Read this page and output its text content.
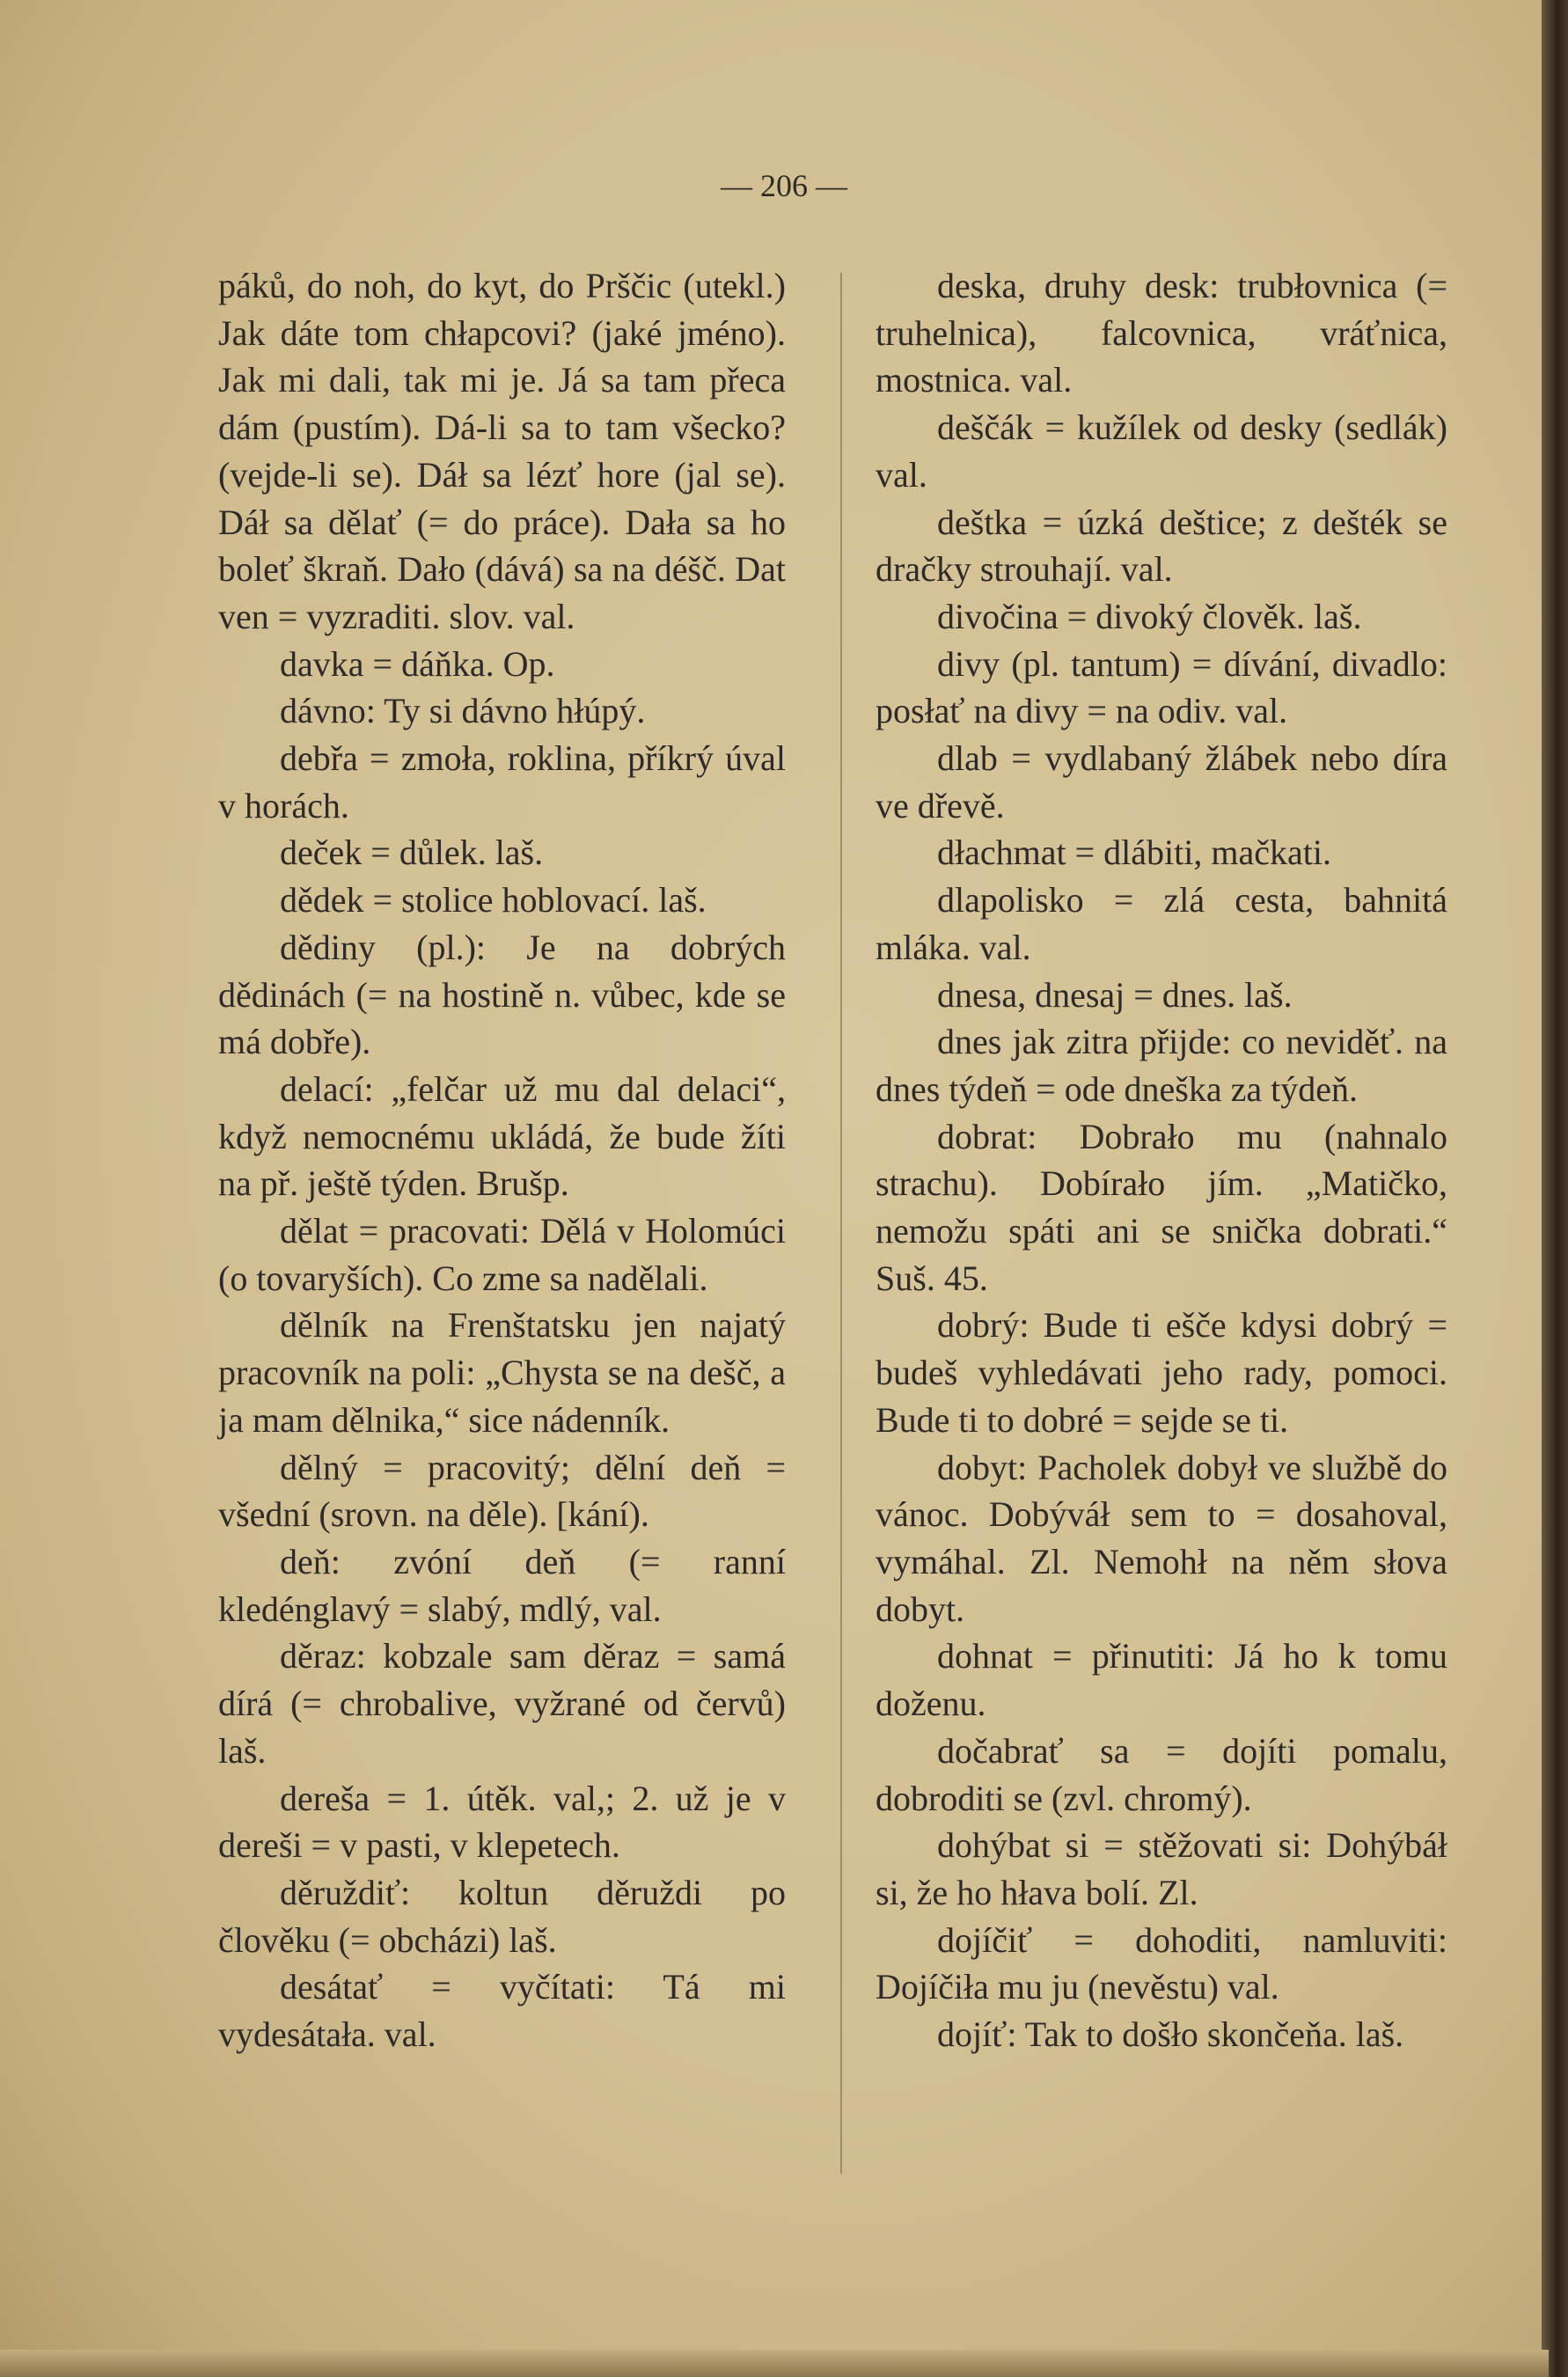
— 206 —

páků, do noh, do kyt, do Prščic (utekl.) Jak dáte tom chłapcovi? (jaké jméno). Jak mi dali, tak mi je. Já sa tam přeca dám (pustím). Dá-li sa to tam všecko? (vejde-li se). Dáł sa lézť hore (jal se). Dáł sa dělať (= do práce). Dała sa ho boleť škraň. Dało (dává) sa na déšč. Dat ven = vyzraditi. slov. val.

davka = dáňka. Op.

dávno: Ty si dávno hłúpý.

debřa = zmoła, roklina, příkrý úval v horách.

deček = důlek. laš.

dědek = stolice hoblovací. laš.

dědiny (pl.): Je na dobrých dědinách (= na hostině n. vůbec, kde se má dobře).

delací: „felčar už mu dal delaci“, když nemocnému ukládá, že bude žíti na př. ještě týden. Brušp.

dělat = pracovati: Dělá v Holomúci (o tovaryších). Co zme sa nadělali.

dělník na Frenštatsku jen najatý pracovník na poli: „Chysta se na dešč, a ja mam dělnika,“ sice nádenník.

dělný = pracovitý; dělní deň = všední (srovn. na děle). [kání).

deň: zvóní deň (= ranní kledénglavý = slabý, mdlý, val.

děraz: kobzale sam děraz = samá dírá (= chrobalive, vyžrané od červů) laš.

dereša = 1. útěk. val,; 2. už je v dereši = v pasti, v klepetech.

děruždiť: koltun děruždi po člověku (= obcházi) laš.

desátať = vyčítati: Tá mi vydesátała. val.

deska, druhy desk: trubłovnica (= truhelnica), falcovnica, vráťnica, mostnica. val.

deščák = kužílek od desky (sedlák) val.

deštka = úzká deštice; z dešték se dračky strouhají. val.

divočina = divoký člověk. laš.

divy (pl. tantum) = dívání, divadlo: posłať na divy = na odiv. val.

dlab = vydlabaný žlábek nebo díra ve dřevě.

dłachmat = dlábiti, mačkati.

dlapolisko = zlá cesta, bahnitá mláka. val.

dnesa, dnesaj = dnes. laš.

dnes jak zitra přijde: co neviděť. na dnes týdeň = ode dneška za týdeň.

dobrat: Dobrało mu (nahnalo strachu). Dobírało jím. „Matičko, nemožu spáti ani se snička dobrati.“ Suš. 45.

dobrý: Bude ti ešče kdysi dobrý = budeš vyhledávati jeho rady, pomoci. Bude ti to dobré = sejde se ti.

dobyt: Pacholek dobył ve službě do vánoc. Dobýváł sem to = dosahoval, vymáhal. Zl. Nemohł na něm słova dobyt.

dohnat = přinutiti: Já ho k tomu doženu.

dočabrať sa = dojíti pomalu, dobroditi se (zvl. chromý).

dohýbat si = stěžovati si: Dohýbáł si, že ho hłava bolí. Zl.

dojíčiť = dohoditi, namluviti: Dojíčiła mu ju (nevěstu) val.

dojíť: Tak to došło skončeňa. laš.
